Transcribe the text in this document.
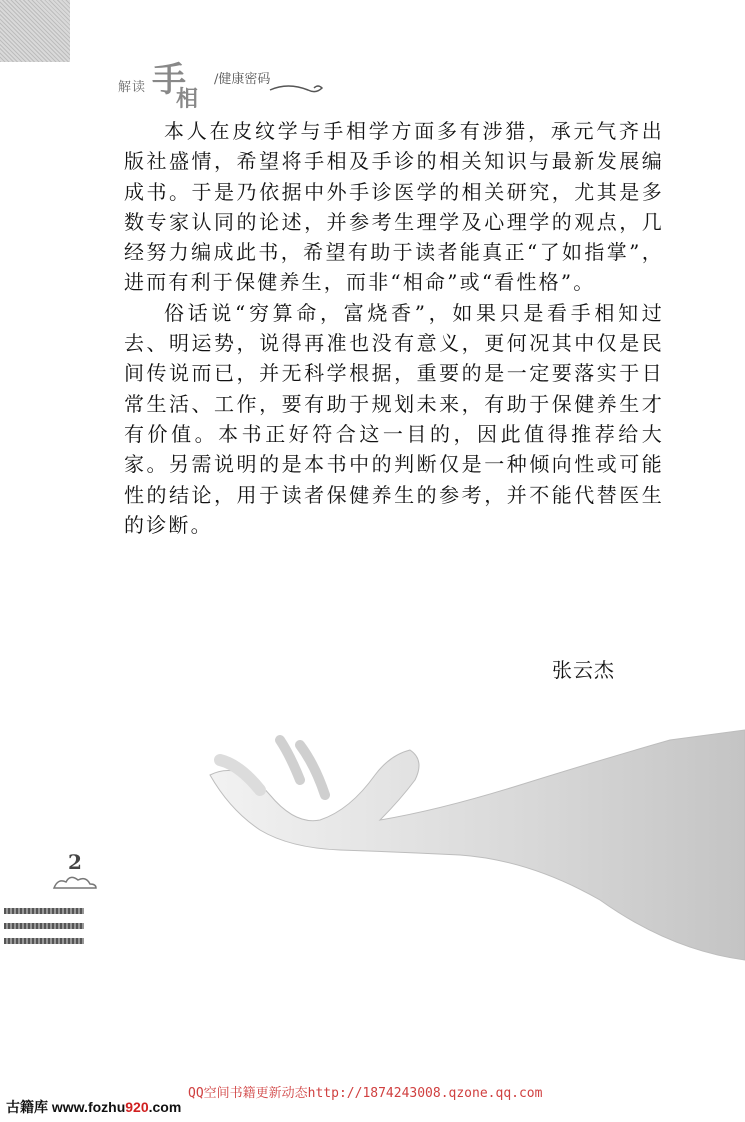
解读 手
相
/健康密码

本人在皮纹学与手相学方面多有涉猎，承元气齐出版社盛情，希望将手相及手诊的相关知识与最新发展编成书。于是乃依据中外手诊医学的相关研究，尤其是多数专家认同的论述，并参考生理学及心理学的观点，几经努力编成此书，希望有助于读者能真正“了如指掌”，进而有利于保健养生，而非“相命”或“看性格”。

俗话说“穷算命，富烧香”，如果只是看手相知过去、明运势，说得再准也没有意义，更何况其中仅是民间传说而已，并无科学根据，重要的是一定要落实于日常生活、工作，要有助于规划未来，有助于保健养生才有价值。本书正好符合这一目的，因此值得推荐给大家。另需说明的是本书中的判断仅是一种倾向性或可能性的结论，用于读者保健养生的参考，并不能代替医生的诊断。

张云杰
2
QQ空间书籍更新动态http://1874243008.qzone.qq.com
古籍库 www.fozhu920.com
